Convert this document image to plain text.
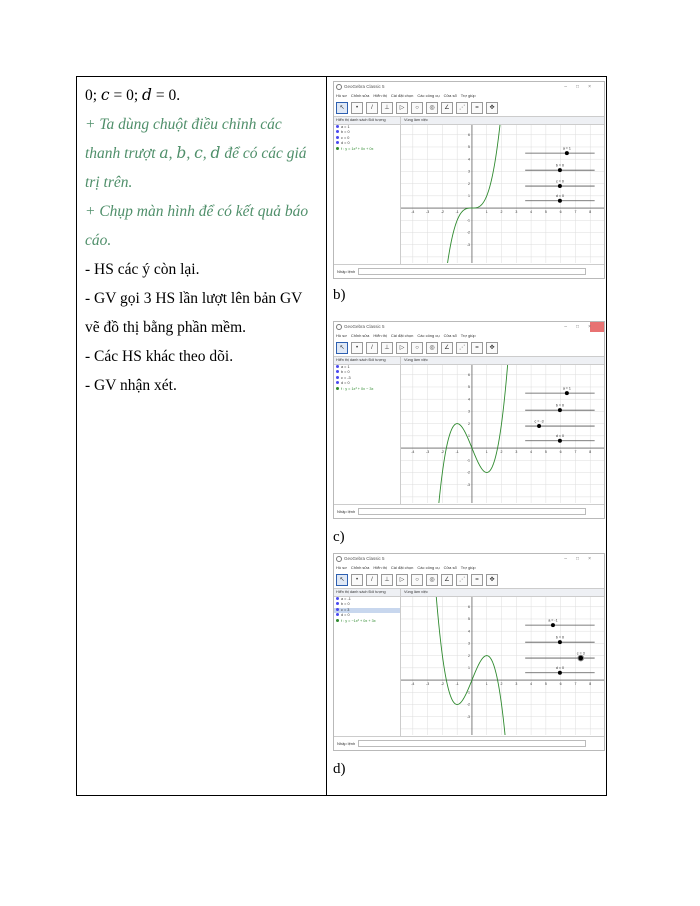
0; 𝑐 = 0; 𝑑 = 0.

+ Ta dùng chuột điều chỉnh các thanh trượt 𝑎, 𝑏, 𝑐, 𝑑 để có các giá trị trên.

+ Chụp màn hình để có kết quả báo cáo.

- HS các ý còn lại.

- GV gọi 3 HS lần lượt lên bản GV vẽ đồ thị bằng phần mềm.

- Các HS khác theo dõi.

- GV nhận xét.

GeoGebra Classic 5	–□×
Hồ sơ Chỉnh sửa Hiển thị Cài đặt chọn Các công cụ Cửa sổ Trợ giúp
↖	•	/	⊥	▷	○	◎	∠	⋰	=	✥
Hiển thị danh sách Đối tượng
a = 1
b = 0
c = 0
d = 0
f : y = 1x³ + 0x + 0x
Vùng làm việc
-4	-3	-2	-1	1	2	3	4	5	6	7	8
6
5
4
3
2
1
-1
-2
-3
a = 1
b = 0
c = 0
d = 0
Nhập lệnh
b)
GeoGebra Classic 5	–□×
Hồ sơ Chỉnh sửa Hiển thị Cài đặt chọn Các công cụ Cửa sổ Trợ giúp
↖	•	/	⊥	▷	○	◎	∠	⋰	=	✥
Hiển thị danh sách Đối tượng
a = 1
b = 0
c = -3
d = 0
f : y = 1x³ + 0x − 3x
Vùng làm việc
-4	-3	-2	-1	1	2	3	4	5	6	7	8
6
5
4
3
2
1
-1
-2
-3
a = 1
b = 0
c = -3
d = 0
Nhập lệnh
c)
GeoGebra Classic 5	–□×
Hồ sơ Chỉnh sửa Hiển thị Cài đặt chọn Các công cụ Cửa sổ Trợ giúp
↖	•	/	⊥	▷	○	◎	∠	⋰	=	✥
Hiển thị danh sách Đối tượng
a = -1
b = 0
c = 3
d = 0
f : y = −1x³ + 0x + 3x
Vùng làm việc
-4	-3	-2	-1	1	2	3	4	5	6	7	8
6
5
4
3
2
1
-1
-2
-3
a = -1
b = 0
c = 3
d = 0
Nhập lệnh
d)
